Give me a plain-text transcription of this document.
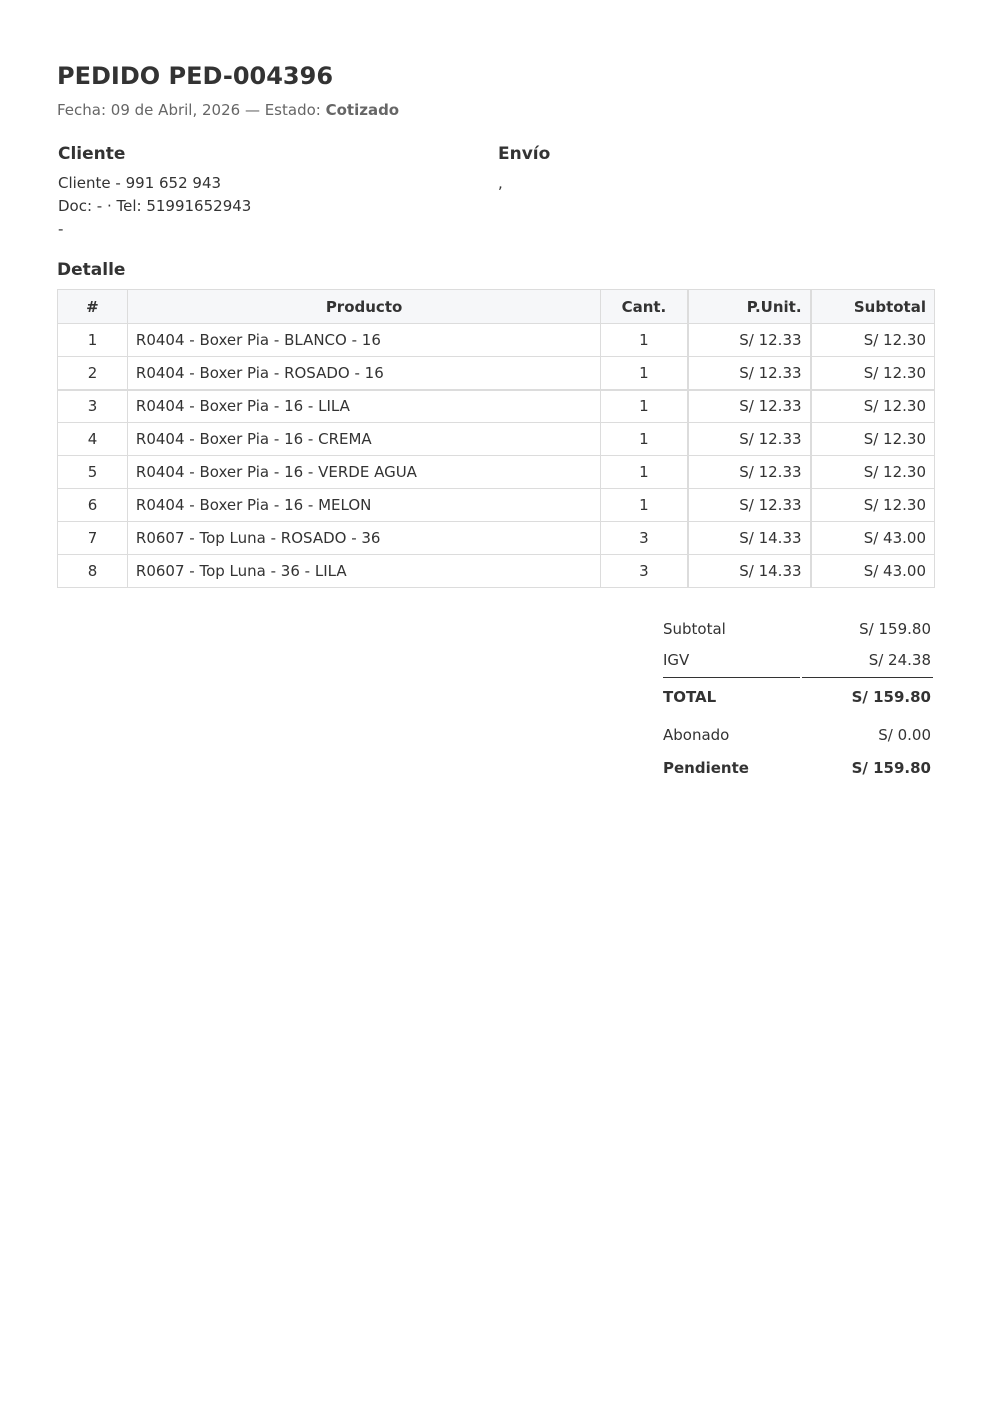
PEDIDO PED-004396
Fecha: 09 de Abril, 2026 — Estado: Cotizado
Cliente
Cliente - 991 652 943
Doc: - · Tel: 51991652943
-
Envío
,
Detalle
#	Producto	Cant.	P.Unit.	Subtotal
1	R0404 - Boxer Pia - BLANCO - 16	1	S/ 12.33	S/ 12.30
2	R0404 - Boxer Pia - ROSADO - 16	1	S/ 12.33	S/ 12.30
3	R0404 - Boxer Pia - 16 - LILA	1	S/ 12.33	S/ 12.30
4	R0404 - Boxer Pia - 16 - CREMA	1	S/ 12.33	S/ 12.30
5	R0404 - Boxer Pia - 16 - VERDE AGUA	1	S/ 12.33	S/ 12.30
6	R0404 - Boxer Pia - 16 - MELON	1	S/ 12.33	S/ 12.30
7	R0607 - Top Luna - ROSADO - 36	3	S/ 14.33	S/ 43.00
8	R0607 - Top Luna - 36 - LILA	3	S/ 14.33	S/ 43.00
Subtotal	S/ 159.80
IGV	S/ 24.38
TOTAL	S/ 159.80
Abonado	S/ 0.00
Pendiente	S/ 159.80
